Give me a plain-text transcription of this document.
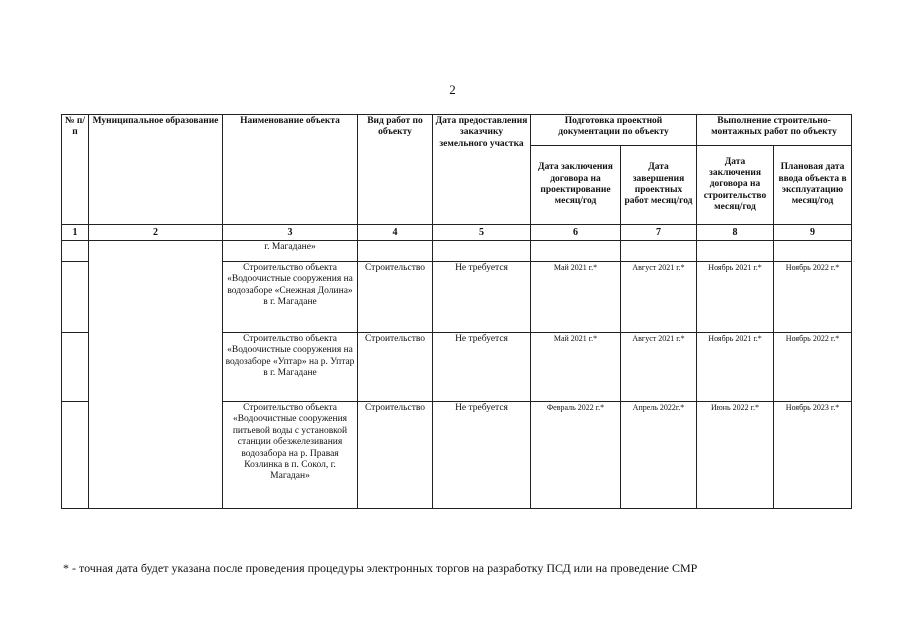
2
№ п/п	Муниципальное образование	Наименование объекта	Вид работ по объекту	Дата предоставления заказчику земельного участка	Подготовка проектной документации по объекту		Выполнение строительно-монтажных работ по объекту	
					Дата заключения договора на проектирование месяц/год	Дата завершения проектных работ месяц/год	Дата заключения договора на строительство месяц/год	Плановая дата ввода объекта в эксплуатацию месяц/год
1	2	3	4	5	6	7	8	9
		г. Магадане»						
		Строительство объекта «Водоочистные сооружения на водозаборе «Снежная Долина» в г. Магадане	Строительство	Не требуется	Май 2021 г.*	Август 2021 г.*	Ноябрь 2021 г.*	Ноябрь 2022 г.*
		Строительство объекта «Водоочистные сооружения на водозаборе «Уптар» на р. Уптар в г. Магадане	Строительство	Не требуется	Май 2021 г.*	Август 2021 г.*	Ноябрь 2021 г.*	Ноябрь 2022 г.*
		Строительство объекта «Водоочистные сооружения питьевой воды с установкой станции обезжелезивания водозабора на р. Правая Козлинка в п. Сокол, г. Магадан»	Строительство	Не требуется	Февраль 2022 г.*	Апрель 2022г.*	Июнь 2022 г.*	Ноябрь 2023 г.*
* - точная дата будет указана после проведения процедуры электронных торгов на разработку ПСД или на проведение СМР
